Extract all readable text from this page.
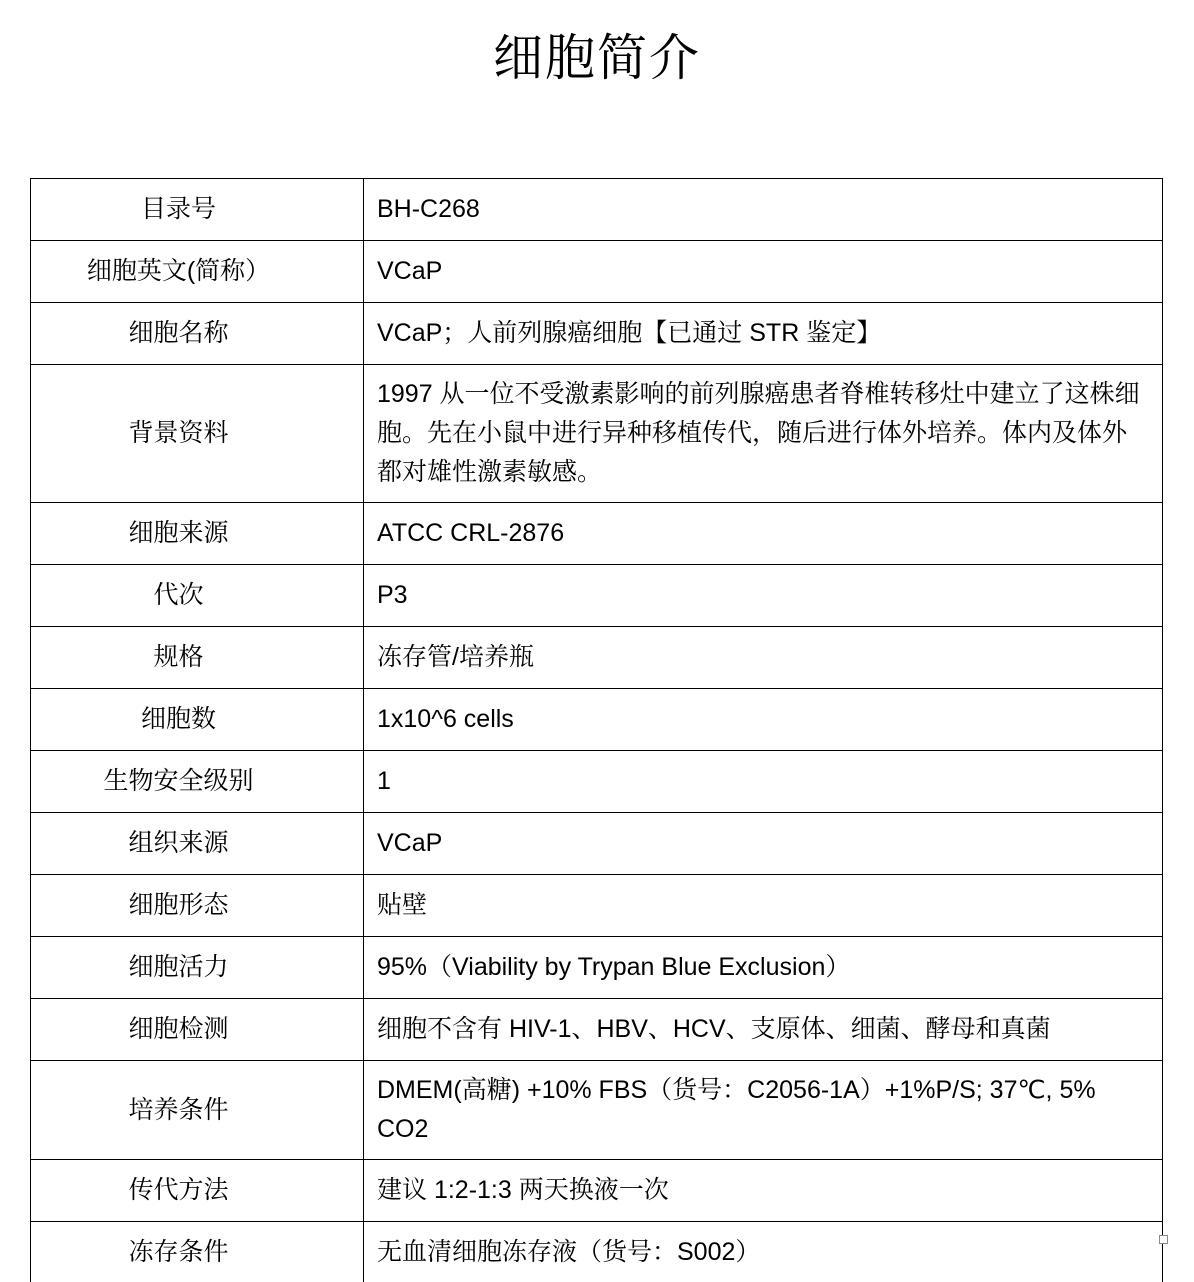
细胞简介
目录号	BH-C268
细胞英文(简称）	VCaP
细胞名称	VCaP；人前列腺癌细胞【已通过 STR 鉴定】
背景资料	1997 从一位不受激素影响的前列腺癌患者脊椎转移灶中建立了这株细胞。先在小鼠中进行异种移植传代，随后进行体外培养。体内及体外都对雄性激素敏感。
细胞来源	ATCC CRL-2876
代次	P3
规格	冻存管/培养瓶
细胞数	1x10^6 cells
生物安全级别	1
组织来源	VCaP
细胞形态	贴壁
细胞活力	95%（Viability by Trypan Blue Exclusion）
细胞检测	细胞不含有 HIV-1、HBV、HCV、支原体、细菌、酵母和真菌
培养条件	DMEM(高糖) +10% FBS（货号：C2056-1A）+1%P/S; 37℃, 5% CO2
传代方法	建议 1:2-1:3 两天换液一次
冻存条件	无血清细胞冻存液（货号：S002）
